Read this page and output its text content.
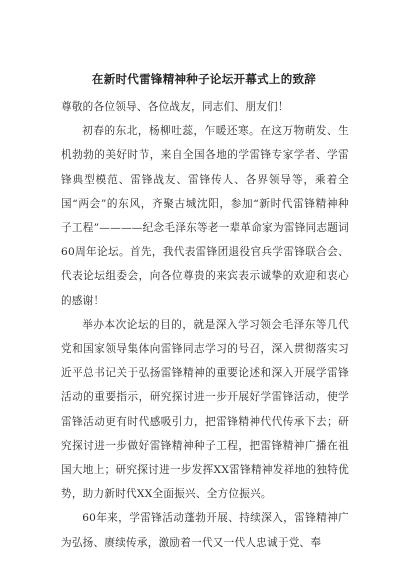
在新时代雷锋精神种子论坛开幕式上的致辞

尊敬的各位领导、各位战友，同志们、朋友们！

初春的东北，杨柳吐蕊，乍暖还寒。在这万物萌发、生机勃勃的美好时节，来自全国各地的学雷锋专家学者、学雷锋典型模范、雷锋战友、雷锋传人、各界领导等，乘着全国“两会”的东风，齐聚古城沈阳，参加“新时代雷锋精神种子工程”————纪念毛泽东等老一辈革命家为雷锋同志题词60周年论坛。首先，我代表雷锋团退役官兵学雷锋联合会、代表论坛组委会，向各位尊贵的来宾表示诚挚的欢迎和衷心的感谢！

举办本次论坛的目的，就是深入学习领会毛泽东等几代党和国家领导集体向雷锋同志学习的号召，深入贯彻落实习近平总书记关于弘扬雷锋精神的重要论述和深入开展学雷锋活动的重要指示，研究探讨进一步开展好学雷锋活动，使学雷锋活动更有时代感吸引力，把雷锋精神代代传承下去；研究探讨进一步做好雷锋精神种子工程，把雷锋精神广播在祖国大地上；研究探讨进一步发挥XX雷锋精神发祥地的独特优势，助力新时代XX全面振兴、全方位振兴。

60年来，学雷锋活动蓬勃开展、持续深入，雷锋精神广为弘扬、赓续传承，激励着一代又一代人忠诚于党、奉
